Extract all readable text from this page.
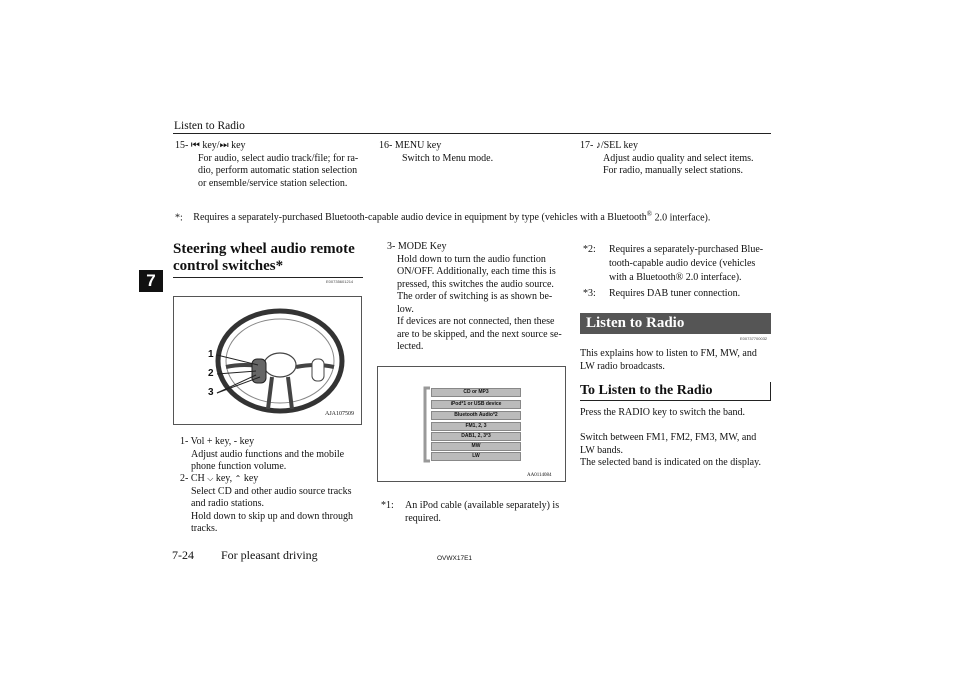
Listen to Radio
15- ⏮ key/⏭ key
For audio, select audio track/file; for ra-
dio, perform automatic station selection
or ensemble/service station selection.
16- MENU key
Switch to Menu mode.
17- ♪/SEL key
Adjust audio quality and select items.
For radio, manually select stations.
*: Requires a separately-purchased Bluetooth-capable audio device in equipment by type (vehicles with a Bluetooth® 2.0 interface).
7
Steering wheel audio remote
control switches*
E00735601214
1
2
3
AJA107509
1- Vol + key, - key
Adjust audio functions and the mobile
phone function volume.
2- CH ⌵ key, ⌃ key
Select CD and other audio source tracks
and radio stations.
Hold down to skip up and down through
tracks.
3- MODE Key
Hold down to turn the audio function
ON/OFF. Additionally, each time this is
pressed, this switches the audio source.
The order of switching is as shown be-
low.
If devices are not connected, then these
are to be skipped, and the next source se-
lected.
CD or MP3
iPod*1 or USB device
Bluetooth Audio*2
FM1, 2, 3
DAB1, 2, 3*3
MW
LW
AA0114084
*1:	An iPod cable (available separately) is
required.
*2:	Requires a separately-purchased Blue-
tooth-capable audio device (vehicles
with a Bluetooth® 2.0 interface).
*3:	Requires DAB tuner connection.
Listen to Radio
E00737700032
This explains how to listen to FM, MW, and
LW radio broadcasts.
To Listen to the Radio
Press the RADIO key to switch the band.
Switch between FM1, FM2, FM3, MW, and
LW bands.
The selected band is indicated on the display.
7-24 For pleasant driving	OVWX17E1
